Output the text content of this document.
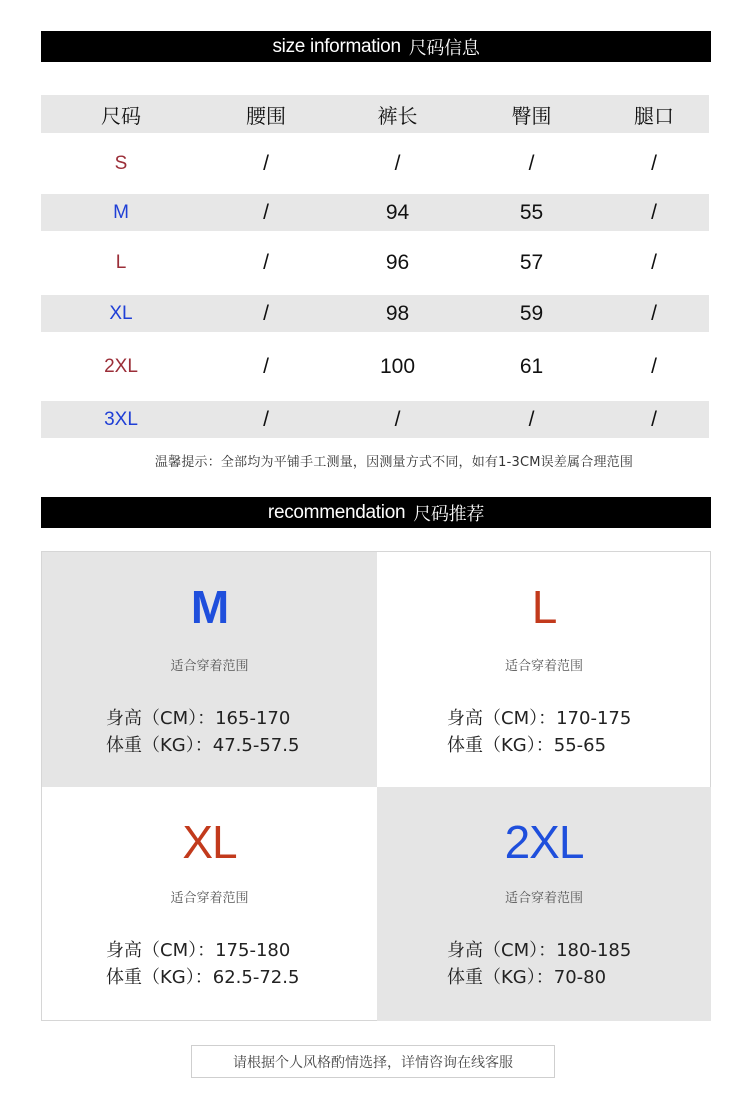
size information 尺码信息
尺码	腰围	裤长	臀围	腿口
S	/	/	/	/
M	/	94	55	/
L	/	96	57	/
XL	/	98	59	/
2XL	/	100	61	/
3XL	/	/	/	/
温馨提示：全部均为平铺手工测量，因测量方式不同，如有1-3CM误差属合理范围
recommendation 尺码推荐
M
适合穿着范围
身高（CM）：165-170
体重（KG）：47.5-57.5
L
适合穿着范围
身高（CM）：170-175
体重（KG）：55-65
XL
适合穿着范围
身高（CM）：175-180
体重（KG）：62.5-72.5
2XL
适合穿着范围
身高（CM）：180-185
体重（KG）：70-80
请根据个人风格酌情选择，详情咨询在线客服
